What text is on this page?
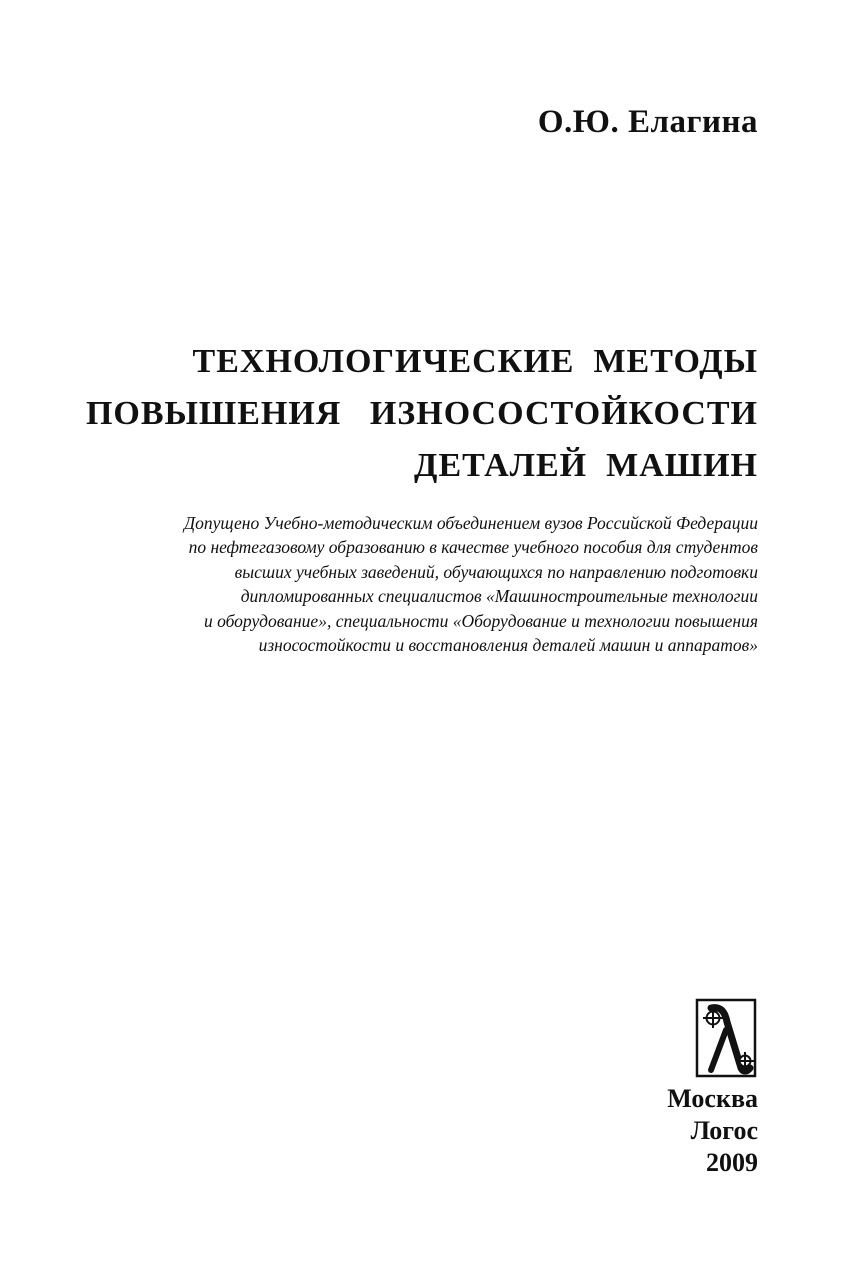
О.Ю. Елагина
ТЕХНОЛОГИЧЕСКИЕ  МЕТОДЫ
ПОВЫШЕНИЯ   ИЗНОСОСТОЙКОСТИ
ДЕТАЛЕЙ  МАШИН
Допущено Учебно-методическим объединением вузов Российской Федерации
по нефтегазовому образованию в качестве учебного пособия для студентов
высших учебных заведений, обучающихся по направлению подготовки
дипломированных специалистов «Машиностроительные технологии
и оборудование», специальности «Оборудование и технологии повышения
износостойкости и восстановления деталей машин и аппаратов»
Москва
Логос
2009
